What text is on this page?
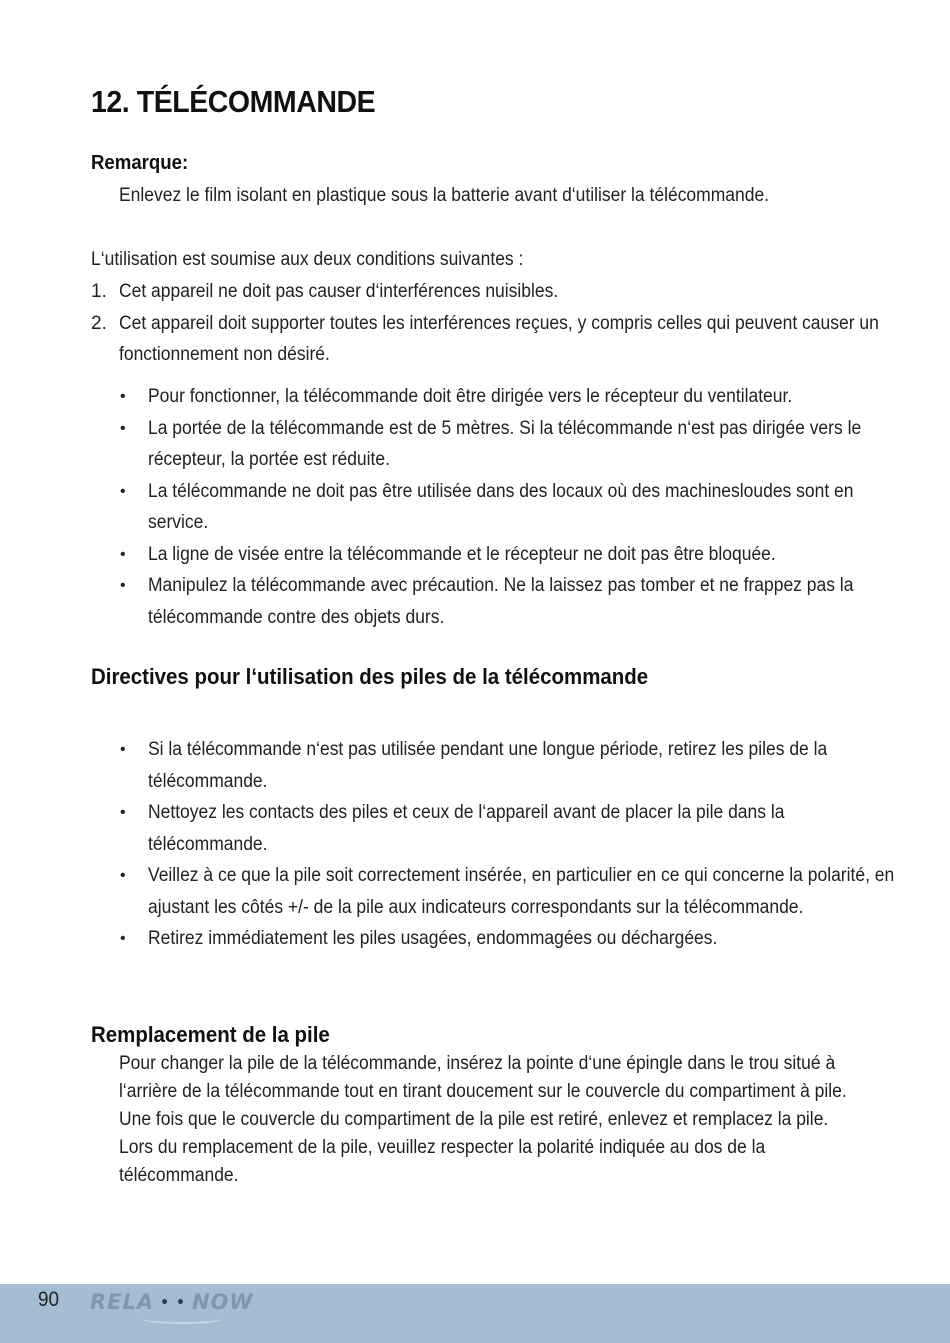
12. TÉLÉCOMMANDE
Remarque:

Enlevez le film isolant en plastique sous la batterie avant d‘utiliser la télécommande.

L‘utilisation est soumise aux deux conditions suivantes :

1. Cet appareil ne doit pas causer d‘interférences nuisibles.
2. Cet appareil doit supporter toutes les interférences reçues, y compris celles qui peuvent causer un fonctionnement non désiré.
• Pour fonctionner, la télécommande doit être dirigée vers le récepteur du ventilateur.
• La portée de la télécommande est de 5 mètres. Si la télécommande n‘est pas dirigée vers le récepteur, la portée est réduite.
• La télécommande ne doit pas être utilisée dans des locaux où des machinesloudes sont en service.
• La ligne de visée entre la télécommande et le récepteur ne doit pas être bloquée.
• Manipulez la télécommande avec précaution. Ne la laissez pas tomber et ne frappez pas la télécommande contre des objets durs.
Directives pour l‘utilisation des piles de la télécommande
• Si la télécommande n‘est pas utilisée pendant une longue période, retirez les piles de la télécommande.
• Nettoyez les contacts des piles et ceux de l‘appareil avant de placer la pile dans la télécommande.
• Veillez à ce que la pile soit correctement insérée, en particulier en ce qui concerne la polarité, en ajustant les côtés +/- de la pile aux indicateurs correspondants sur la télécommande.
• Retirez immédiatement les piles usagées, endommagées ou déchargées.
Remplacement de la pile

Pour changer la pile de la télécommande, insérez la pointe d‘une épingle dans le trou situé à l‘arrière de la télécommande tout en tirant doucement sur le couvercle du compartiment à pile. Une fois que le couvercle du compartiment de la pile est retiré, enlevez et remplacez la pile. Lors du remplacement de la pile, veuillez respecter la polarité indiquée au dos de la télécommande.

90 RELA • • NOW
